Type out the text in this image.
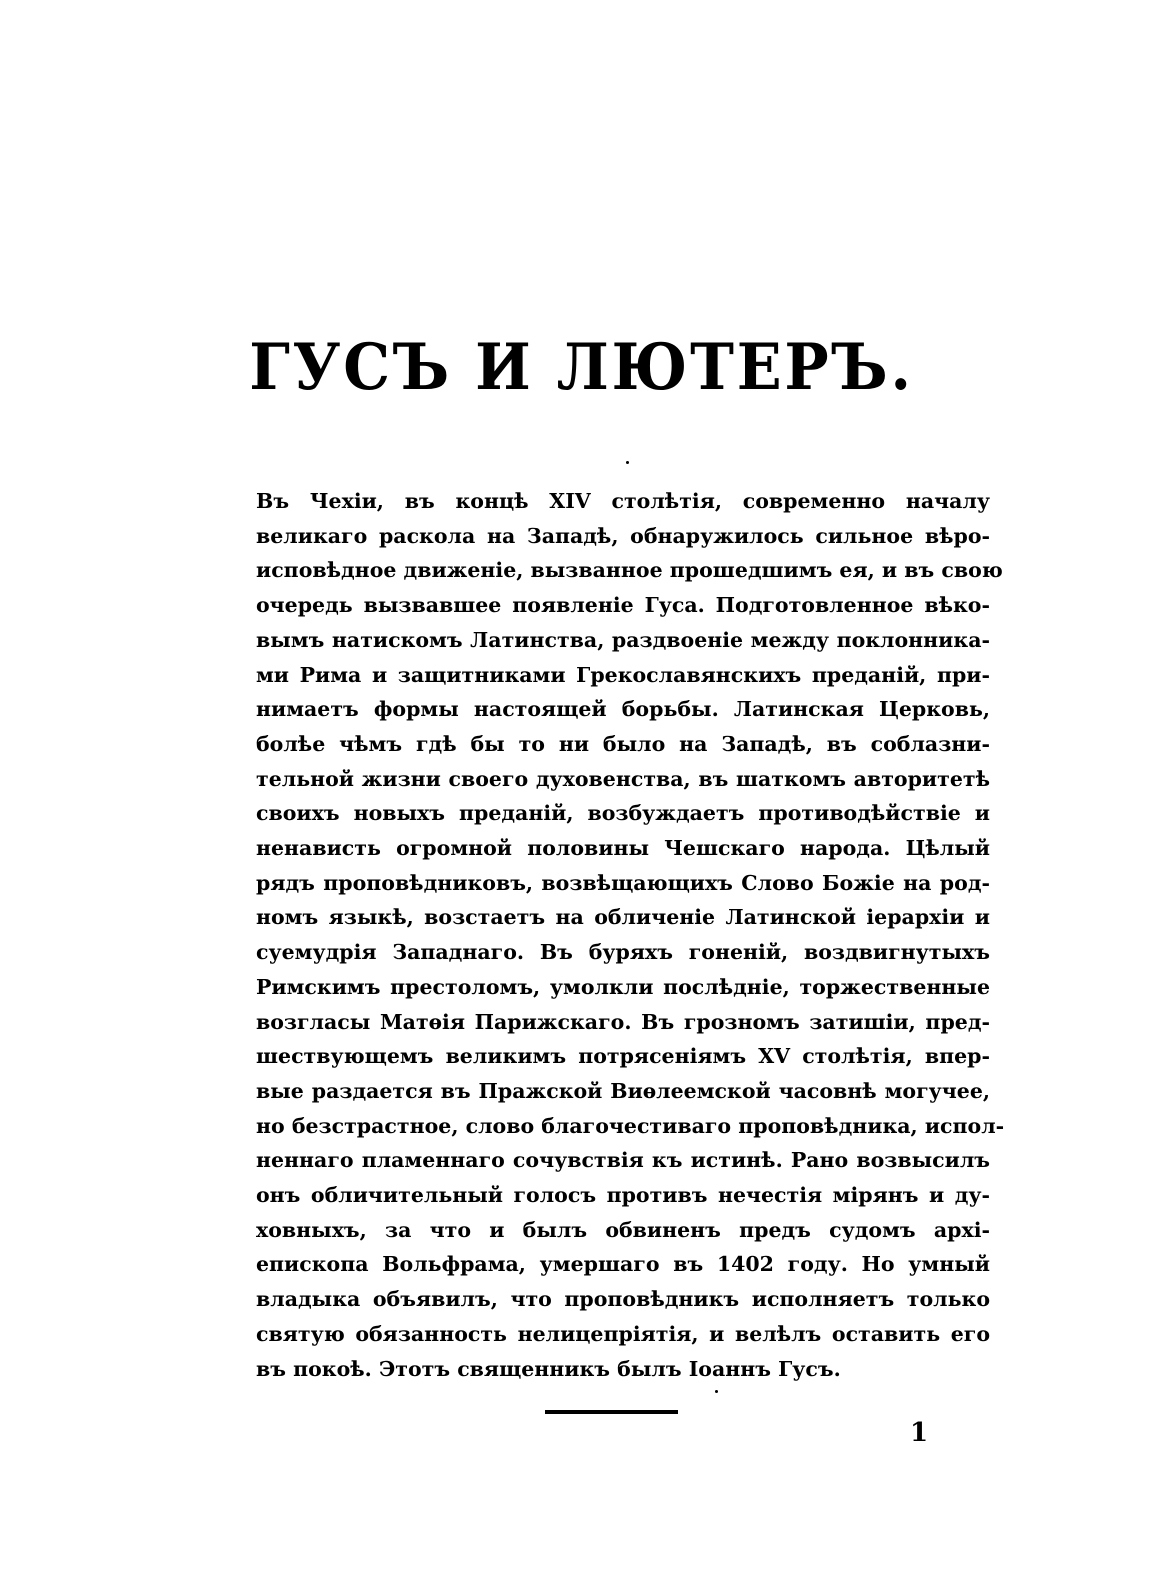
ГУСЪ И ЛЮТЕРЪ.
Въ Чехіи, въ концѣ XIV столѣтія, современно началу
великаго раскола на Западѣ, обнаружилось сильное вѣро-
исповѣдное движеніе, вызванное прошедшимъ ея, и въ свою
очередь вызвавшее появленіе Гуса. Подготовленное вѣко-
вымъ натискомъ Латинства, раздвоеніе между поклонника-
ми Рима и защитниками Грекославянскихъ преданій, при-
нимаетъ формы настоящей борьбы. Латинская Церковь,
болѣе чѣмъ гдѣ бы то ни было на Западѣ, въ соблазни-
тельной жизни своего духовенства, въ шаткомъ авторитетѣ
своихъ новыхъ преданій, возбуждаетъ противодѣйствіе и
ненависть огромной половины Чешскаго народа. Цѣлый
рядъ проповѣдниковъ, возвѣщающихъ Слово Божіе на род-
номъ языкѣ, возстаетъ на обличеніе Латинской іерархіи и
суемудрія Западнаго. Въ буряхъ гоненій, воздвигнутыхъ
Римскимъ престоломъ, умолкли послѣдніе, торжественные
возгласы Матѳія Парижскаго. Въ грозномъ затишіи, пред-
шествующемъ великимъ потрясеніямъ XV столѣтія, впер-
вые раздается въ Пражской Виѳлеемской часовнѣ могучее,
но безстрастное, слово благочестиваго проповѣдника, испол-
неннаго пламеннаго сочувствія къ истинѣ. Рано возвысилъ
онъ обличительный голосъ противъ нечестія мірянъ и ду-
ховныхъ, за что и былъ обвиненъ предъ судомъ архі-
епископа Вольфрама, умершаго въ 1402 году. Но умный
владыка объявилъ, что проповѣдникъ исполняетъ только
святую обязанность нелицепріятія, и велѣлъ оставить его
въ покоѣ. Этотъ священникъ былъ Іоаннъ Гусъ.
1
